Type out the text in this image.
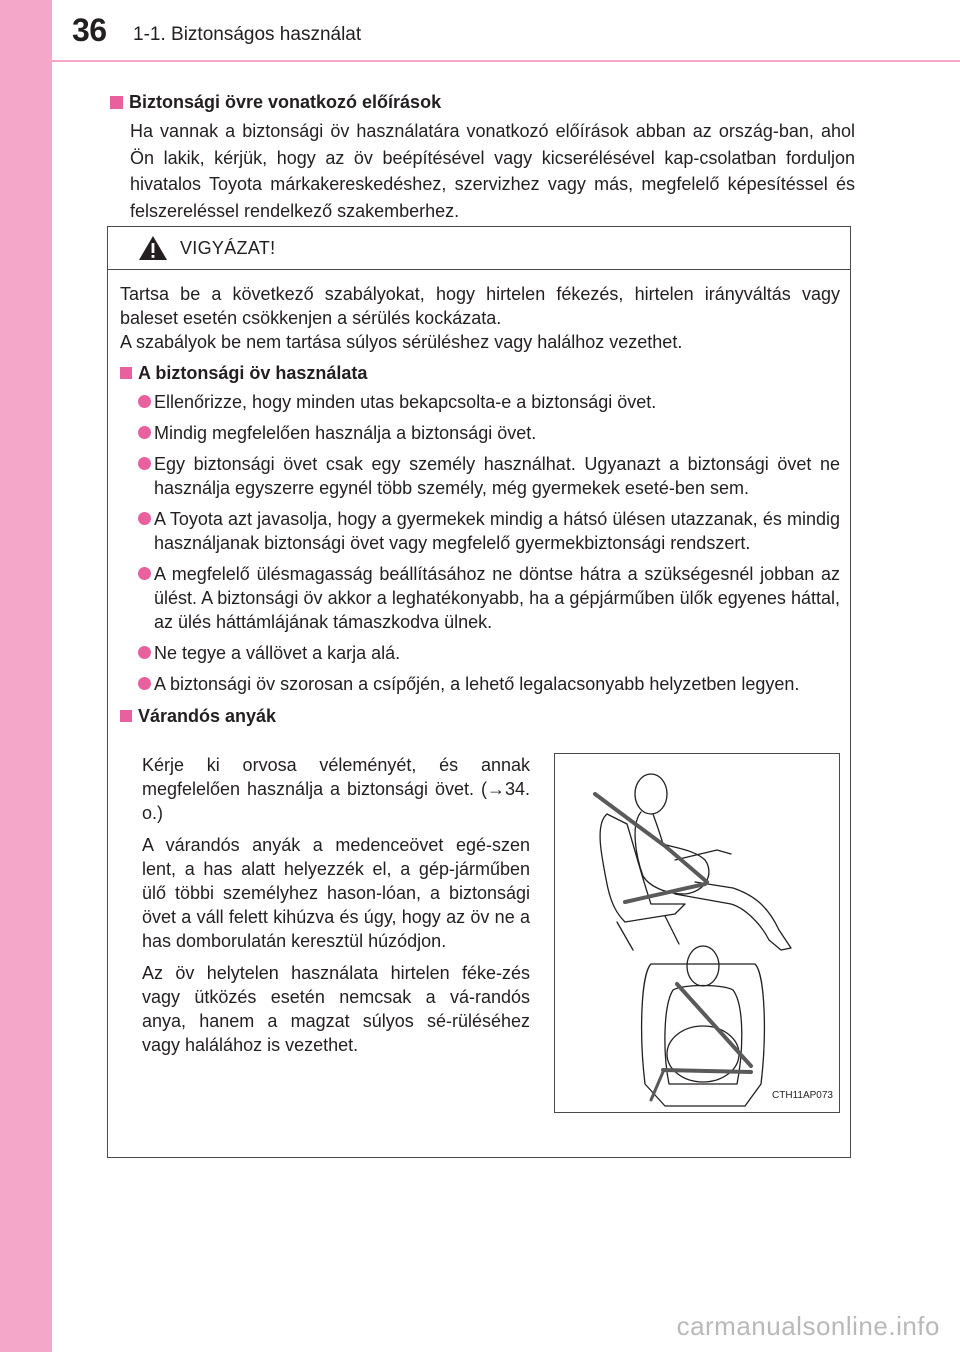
36 1-1. Biztonságos használat
Biztonsági övre vonatkozó előírások
Ha vannak a biztonsági öv használatára vonatkozó előírások abban az ország-ban, ahol Ön lakik, kérjük, hogy az öv beépítésével vagy kicserélésével kap-csolatban forduljon hivatalos Toyota márkakereskedéshez, szervizhez vagy más, megfelelő képesítéssel és felszereléssel rendelkező szakemberhez.
VIGYÁZAT!

Tartsa be a következő szabályokat, hogy hirtelen fékezés, hirtelen irányváltás vagy baleset esetén csökkenjen a sérülés kockázata.

A szabályok be nem tartása súlyos sérüléshez vagy halálhoz vezethet.

A biztonsági öv használata
Ellenőrizze, hogy minden utas bekapcsolta-e a biztonsági övet.
Mindig megfelelően használja a biztonsági övet.
Egy biztonsági övet csak egy személy használhat. Ugyanazt a biztonsági övet ne használja egyszerre egynél több személy, még gyermekek eseté-ben sem.
A Toyota azt javasolja, hogy a gyermekek mindig a hátsó ülésen utazzanak, és mindig használjanak biztonsági övet vagy megfelelő gyermekbiztonsági rendszert.
A megfelelő ülésmagasság beállításához ne döntse hátra a szükségesnél jobban az ülést. A biztonsági öv akkor a leghatékonyabb, ha a gépjárműben ülők egyenes háttal, az ülés háttámlájának támaszkodva ülnek.
Ne tegye a vállövet a karja alá.
A biztonsági öv szorosan a csípőjén, a lehető legalacsonyabb helyzetben legyen.
Várandós anyák

Kérje ki orvosa véleményét, és annak megfelelően használja a biztonsági övet. (→34. o.)

A várandós anyák a medenceövet egé-szen lent, a has alatt helyezzék el, a gép-járműben ülő többi személyhez hason-lóan, a biztonsági övet a váll felett kihúzva és úgy, hogy az öv ne a has domborulatán keresztül húzódjon.

Az öv helytelen használata hirtelen féke-zés vagy ütközés esetén nemcsak a vá-randós anya, hanem a magzat súlyos sé-rüléséhez vagy halálához is vezethet.

CTH11AP073
carmanualsonline.info
